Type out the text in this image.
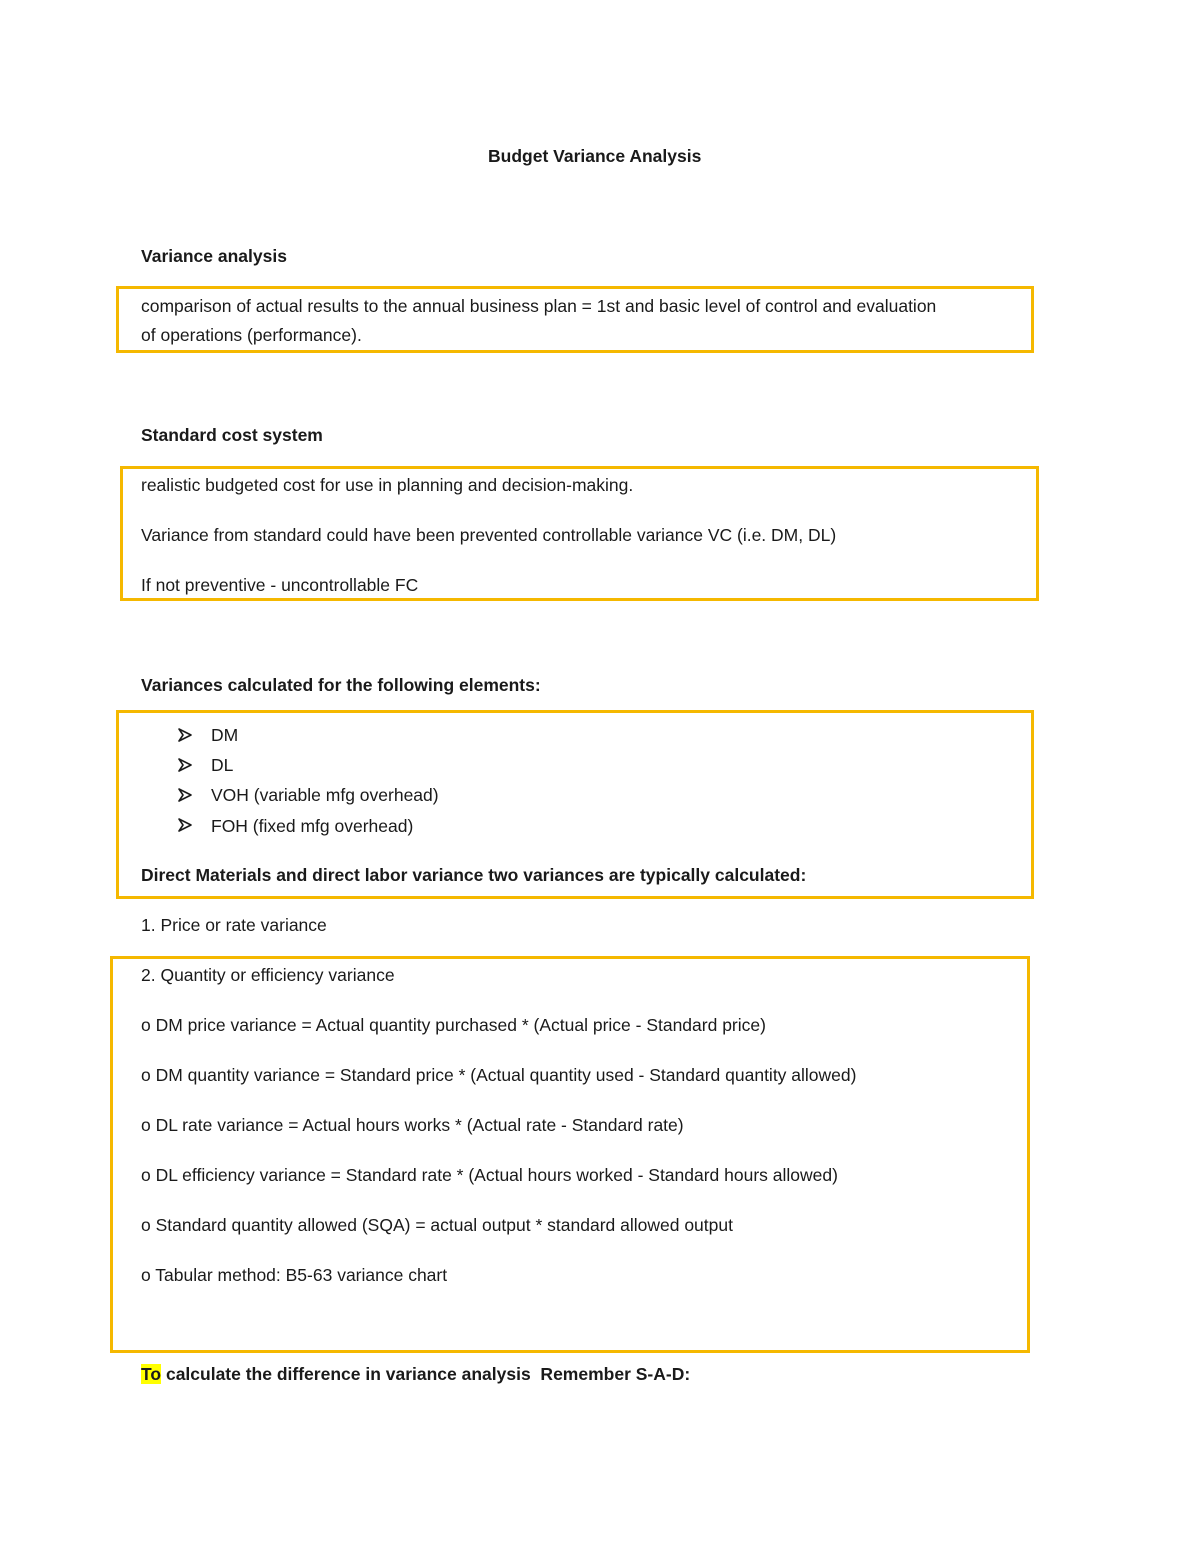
Budget Variance Analysis
Variance analysis
comparison of actual results to the annual business plan = 1st and basic level of control and evaluation
of operations (performance).
Standard cost system
realistic budgeted cost for use in planning and decision-making.
Variance from standard could have been prevented controllable variance VC (i.e. DM, DL)
If not preventive - uncontrollable FC
Variances calculated for the following elements:
DM
DL
VOH (variable mfg overhead)
FOH (fixed mfg overhead)
Direct Materials and direct labor variance two variances are typically calculated:
1. Price or rate variance
2. Quantity or efficiency variance
o DM price variance = Actual quantity purchased * (Actual price - Standard price)
o DM quantity variance = Standard price * (Actual quantity used - Standard quantity allowed)
o DL rate variance = Actual hours works * (Actual rate - Standard rate)
o DL efficiency variance = Standard rate * (Actual hours worked - Standard hours allowed)
o Standard quantity allowed (SQA) = actual output * standard allowed output
o Tabular method: B5-63 variance chart
To calculate the difference in variance analysis  Remember S-A-D:
